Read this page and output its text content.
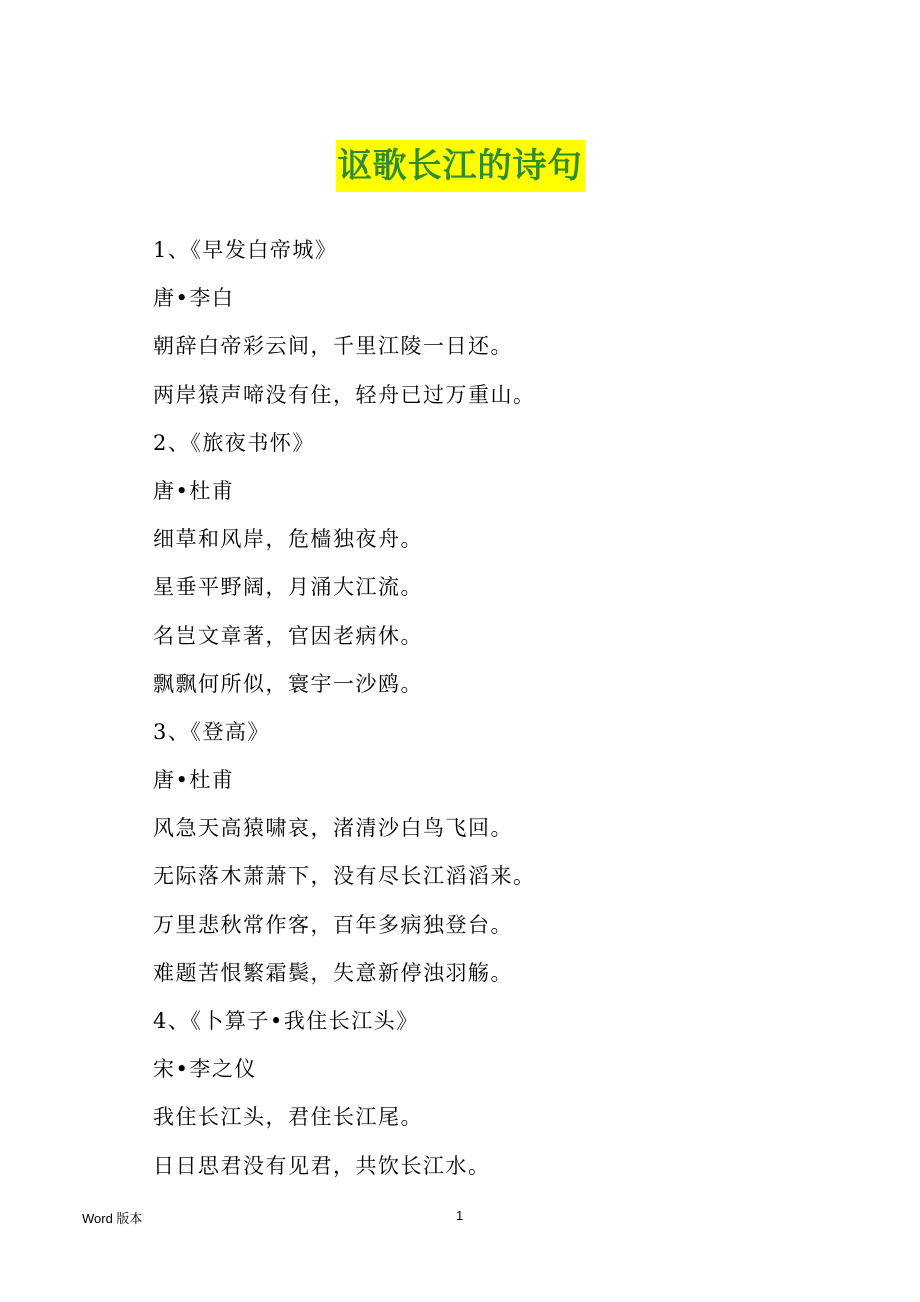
讴歌长江的诗句
1、《早发白帝城》
唐•李白
朝辞白帝彩云间，千里江陵一日还。
两岸猿声啼没有住，轻舟已过万重山。
2、《旅夜书怀》
唐•杜甫
细草和风岸，危樯独夜舟。
星垂平野阔，月涌大江流。
名岂文章著，官因老病休。
飘飘何所似，寰宇一沙鸥。
3、《登高》
唐•杜甫
风急天高猿啸哀，渚清沙白鸟飞回。
无际落木萧萧下，没有尽长江滔滔来。
万里悲秋常作客，百年多病独登台。
难题苦恨繁霜鬓，失意新停浊羽觞。
4、《卜算子•我住长江头》
宋•李之仪
我住长江头，君住长江尾。
日日思君没有见君，共饮长江水。
Word 版本	1
